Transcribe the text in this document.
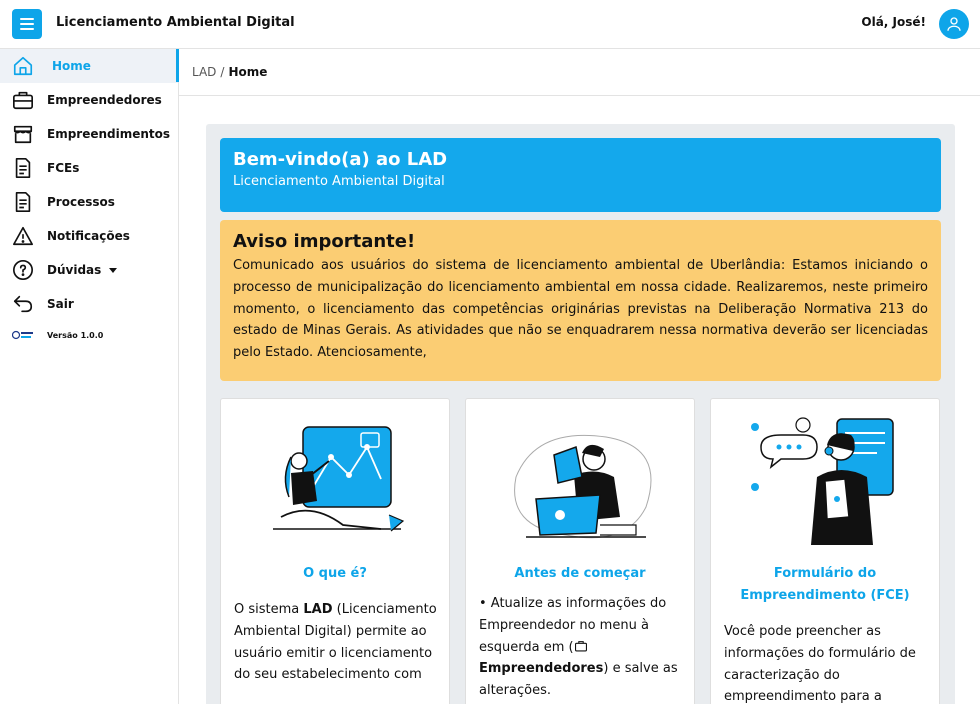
Licenciamento Ambiental Digital	Olá, José!
Home
Empreendedores
Empreendimentos
FCEs
Processos
Notificações
Dúvidas
Sair
Versão 1.0.0
LAD / Home
Bem-vindo(a) ao LAD

Licenciamento Ambiental Digital

Aviso importante!

Comunicado aos usuários do sistema de licenciamento ambiental de Uberlândia: Estamos iniciando o processo de municipalização do licenciamento ambiental em nossa cidade. Realizaremos, neste primeiro momento, o licenciamento das competências originárias previstas na Deliberação Normativa 213 do estado de Minas Gerais. As atividades que não se enquadrarem nessa normativa deverão ser licenciadas pelo Estado. Atenciosamente,

O que é?
O sistema LAD (Licenciamento Ambiental Digital) permite ao usuário emitir o licenciamento do seu estabelecimento com
Antes de começar
• Atualize as informações do Empreendedor no menu à esquerda em (Empreendedores) e salve as alterações.
Formulário do Empreendimento (FCE)
Você pode preencher as informações do formulário de caracterização do empreendimento para a
